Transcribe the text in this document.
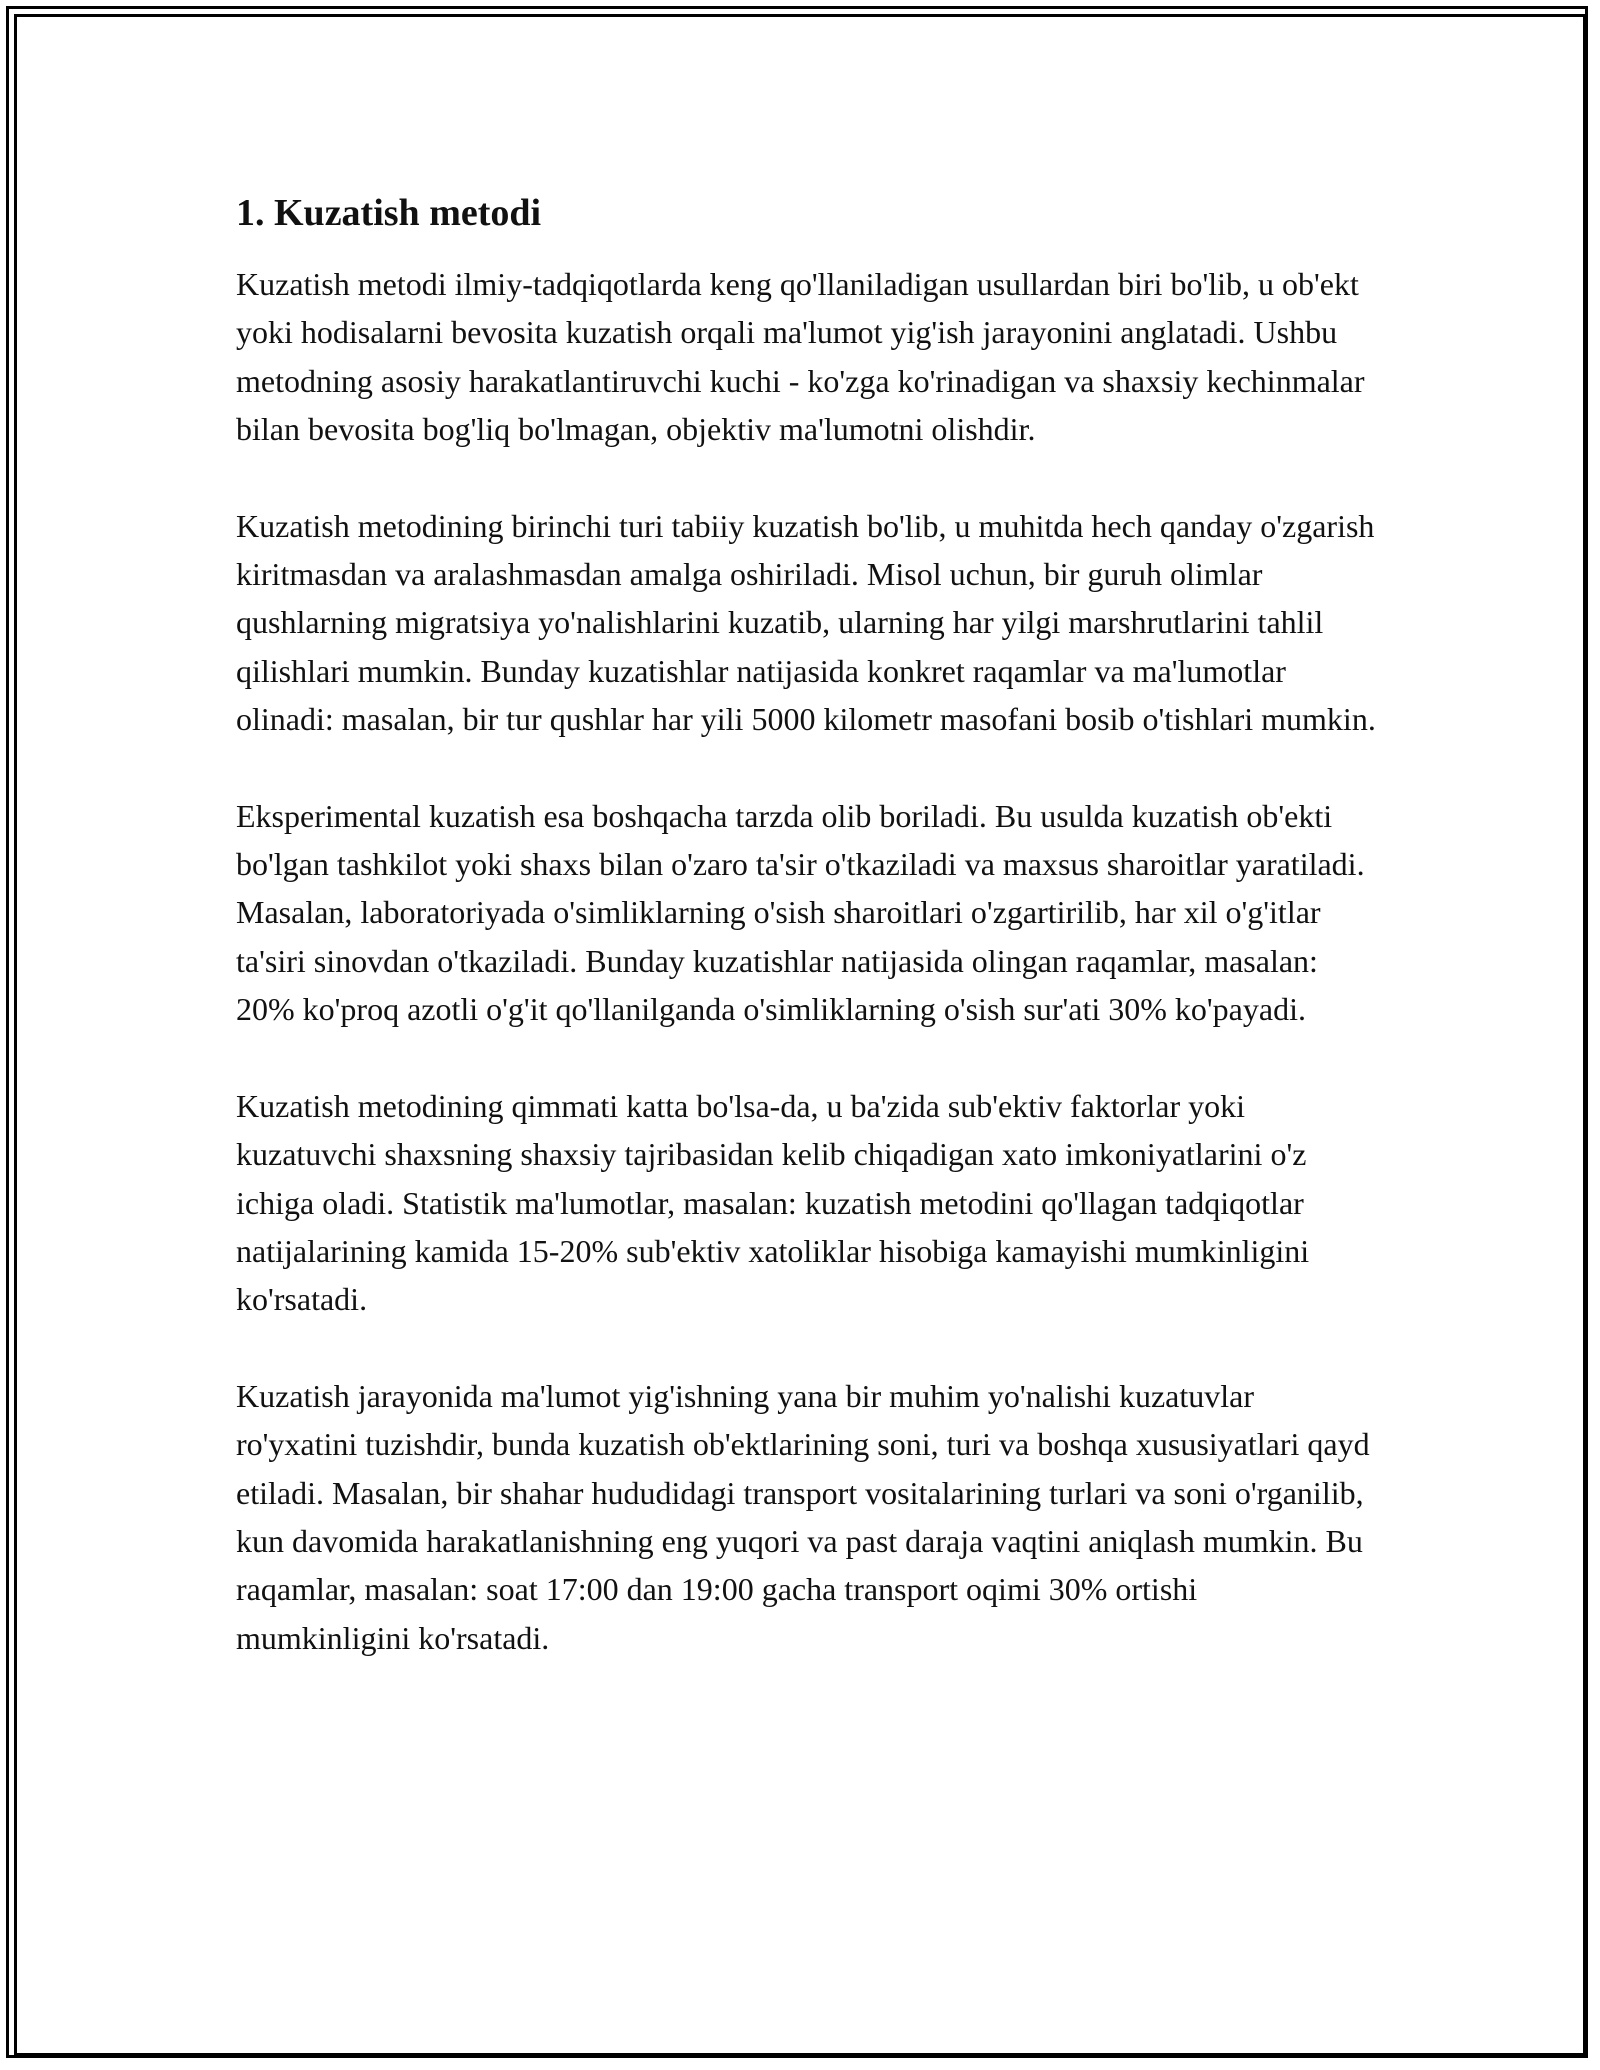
1. Kuzatish metodi

Kuzatish metodi ilmiy-tadqiqotlarda keng qo'llaniladigan usullardan biri bo'lib, u ob'ekt yoki hodisalarni bevosita kuzatish orqali ma'lumot yig'ish jarayonini anglatadi. Ushbu metodning asosiy harakatlantiruvchi kuchi - ko'zga ko'rinadigan va shaxsiy kechinmalar bilan bevosita bog'liq bo'lmagan, objektiv ma'lumotni olishdir.

Kuzatish metodining birinchi turi tabiiy kuzatish bo'lib, u muhitda hech qanday o'zgarish kiritmasdan va aralashmasdan amalga oshiriladi. Misol uchun, bir guruh olimlar qushlarning migratsiya yo'nalishlarini kuzatib, ularning har yilgi marshrutlarini tahlil qilishlari mumkin. Bunday kuzatishlar natijasida konkret raqamlar va ma'lumotlar olinadi: masalan, bir tur qushlar har yili 5000 kilometr masofani bosib o'tishlari mumkin.

Eksperimental kuzatish esa boshqacha tarzda olib boriladi. Bu usulda kuzatish ob'ekti bo'lgan tashkilot yoki shaxs bilan o'zaro ta'sir o'tkaziladi va maxsus sharoitlar yaratiladi. Masalan, laboratoriyada o'simliklarning o'sish sharoitlari o'zgartirilib, har xil o'g'itlar ta'siri sinovdan o'tkaziladi. Bunday kuzatishlar natijasida olingan raqamlar, masalan: 20% ko'proq azotli o'g'it qo'llanilganda o'simliklarning o'sish sur'ati 30% ko'payadi.

Kuzatish metodining qimmati katta bo'lsa-da, u ba'zida sub'ektiv faktorlar yoki kuzatuvchi shaxsning shaxsiy tajribasidan kelib chiqadigan xato imkoniyatlarini o'z ichiga oladi. Statistik ma'lumotlar, masalan: kuzatish metodini qo'llagan tadqiqotlar natijalarining kamida 15-20% sub'ektiv xatoliklar hisobiga kamayishi mumkinligini ko'rsatadi.

Kuzatish jarayonida ma'lumot yig'ishning yana bir muhim yo'nalishi kuzatuvlar ro'yxatini tuzishdir, bunda kuzatish ob'ektlarining soni, turi va boshqa xususiyatlari qayd etiladi. Masalan, bir shahar hududidagi transport vositalarining turlari va soni o'rganilib, kun davomida harakatlanishning eng yuqori va past daraja vaqtini aniqlash mumkin. Bu raqamlar, masalan: soat 17:00 dan 19:00 gacha transport oqimi 30% ortishi mumkinligini ko'rsatadi.
